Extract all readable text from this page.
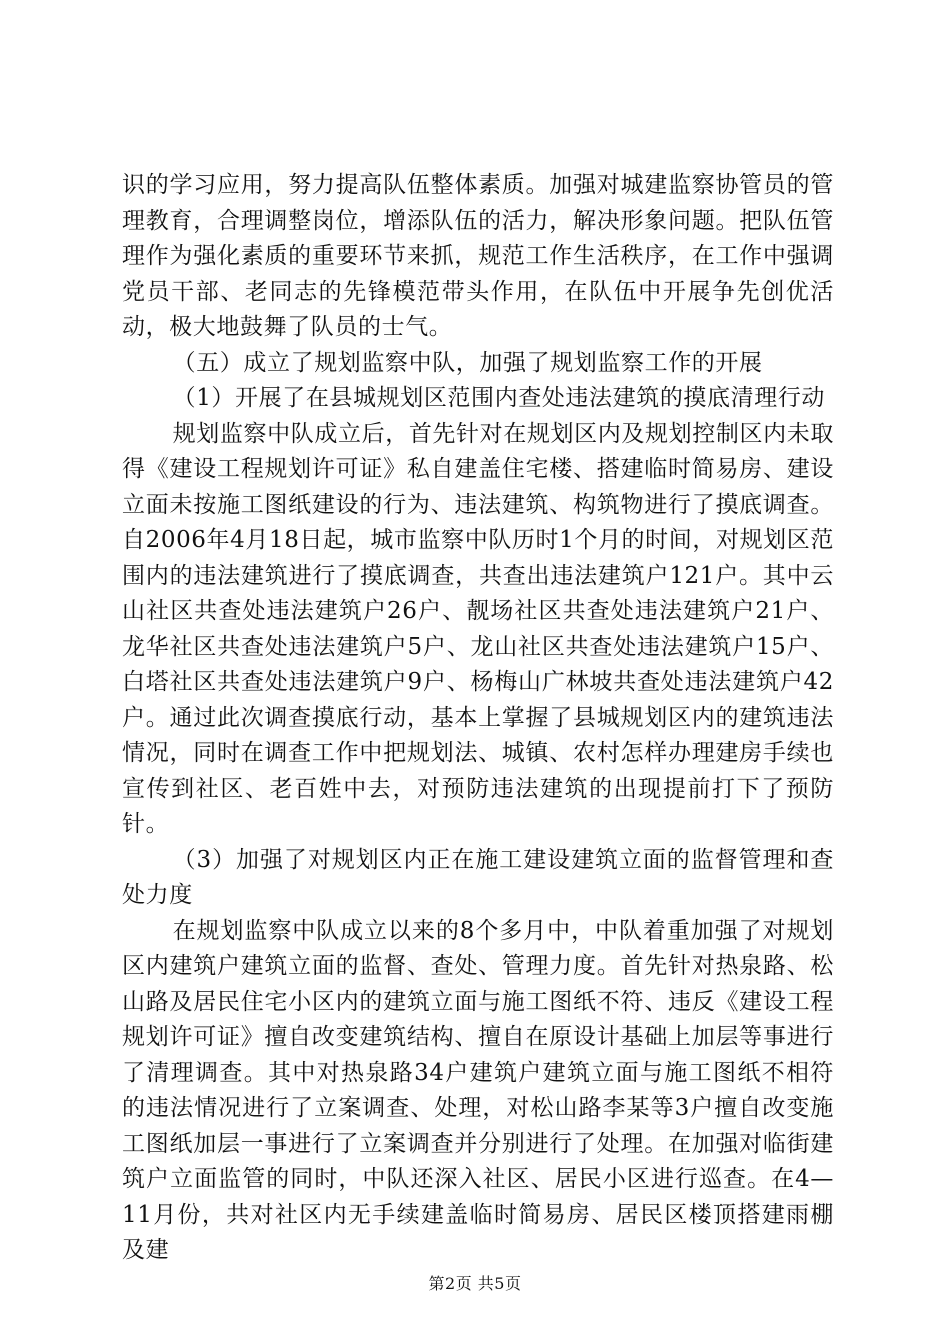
识的学习应用，努力提高队伍整体素质。加强对城建监察协管员的管理教育，合理调整岗位，增添队伍的活力，解决形象问题。把队伍管理作为强化素质的重要环节来抓，规范工作生活秩序，在工作中强调党员干部、老同志的先锋模范带头作用，在队伍中开展争先创优活动，极大地鼓舞了队员的士气。

（五）成立了规划监察中队，加强了规划监察工作的开展

（1）开展了在县城规划区范围内查处违法建筑的摸底清理行动

规划监察中队成立后，首先针对在规划区内及规划控制区内未取得《建设工程规划许可证》私自建盖住宅楼、搭建临时简易房、建设立面未按施工图纸建设的行为、违法建筑、构筑物进行了摸底调查。自2006年4月18日起，城市监察中队历时1个月的时间，对规划区范围内的违法建筑进行了摸底调查，共查出违法建筑户121户。其中云山社区共查处违法建筑户26户、靓场社区共查处违法建筑户21户、龙华社区共查处违法建筑户5户、龙山社区共查处违法建筑户15户、白塔社区共查处违法建筑户9户、杨梅山广林坡共查处违法建筑户42户。通过此次调查摸底行动，基本上掌握了县城规划区内的建筑违法情况，同时在调查工作中把规划法、城镇、农村怎样办理建房手续也宣传到社区、老百姓中去，对预防违法建筑的出现提前打下了预防针。

（3）加强了对规划区内正在施工建设建筑立面的监督管理和查处力度

在规划监察中队成立以来的8个多月中，中队着重加强了对规划区内建筑户建筑立面的监督、查处、管理力度。首先针对热泉路、松山路及居民住宅小区内的建筑立面与施工图纸不符、违反《建设工程规划许可证》擅自改变建筑结构、擅自在原设计基础上加层等事进行了清理调查。其中对热泉路34户建筑户建筑立面与施工图纸不相符的违法情况进行了立案调查、处理，对松山路李某等3户擅自改变施工图纸加层一事进行了立案调查并分别进行了处理。在加强对临街建筑户立面监管的同时，中队还深入社区、居民小区进行巡查。在4—11月份，共对社区内无手续建盖临时简易房、居民区楼顶搭建雨棚及建

第2页 共5页
